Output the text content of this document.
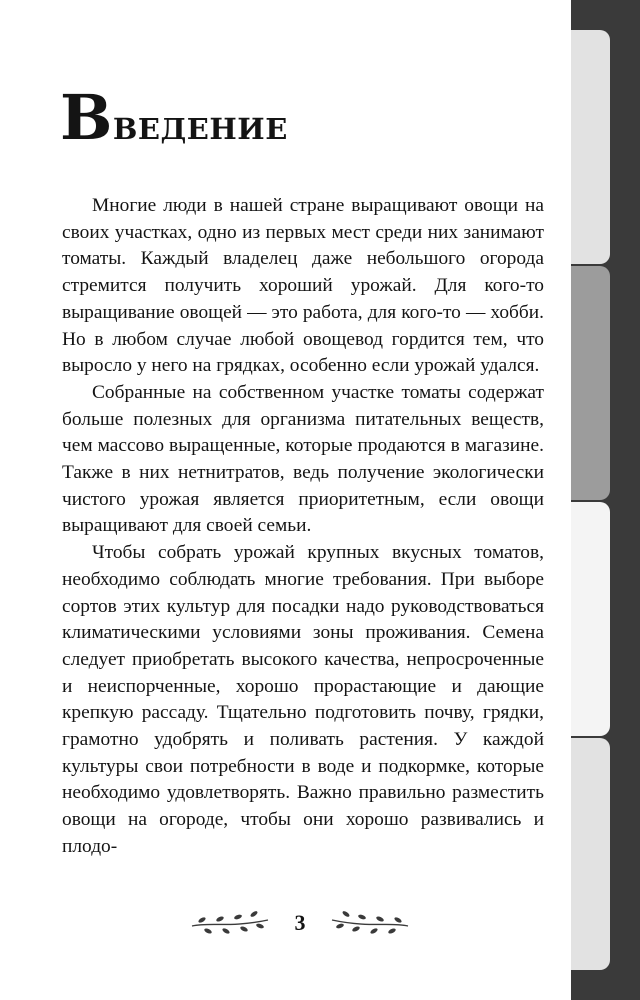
Введение

Многие люди в нашей стране выращивают овощи на своих участках, одно из первых мест среди них занимают томаты. Каждый владелец даже небольшого огорода стремится получить хороший урожай. Для кого-то выращивание овощей — это работа, для кого-то — хобби. Но в любом случае любой овощевод гордится тем, что выросло у него на грядках, особенно если урожай удался.

Собранные на собственном участке томаты содержат больше полезных для организма питательных веществ, чем массово выращенные, которые продаются в магазине. Также в них нетнитратов, ведь получение экологически чистого урожая является приоритетным, если овощи выращивают для своей семьи.

Чтобы собрать урожай крупных вкусных томатов, необходимо соблюдать многие требования. При выборе сортов этих культур для посадки надо руководствоваться климатическими условиями зоны проживания. Семена следует приобретать высокого качества, непросроченные и неиспорченные, хорошо прорастающие и дающие крепкую рассаду. Тщательно подготовить почву, грядки, грамотно удобрять и поливать растения. У каждой культуры свои потребности в воде и подкормке, которые необходимо удовлетворять. Важно правильно разместить овощи на огороде, чтобы они хорошо развивались и плодо-

3
